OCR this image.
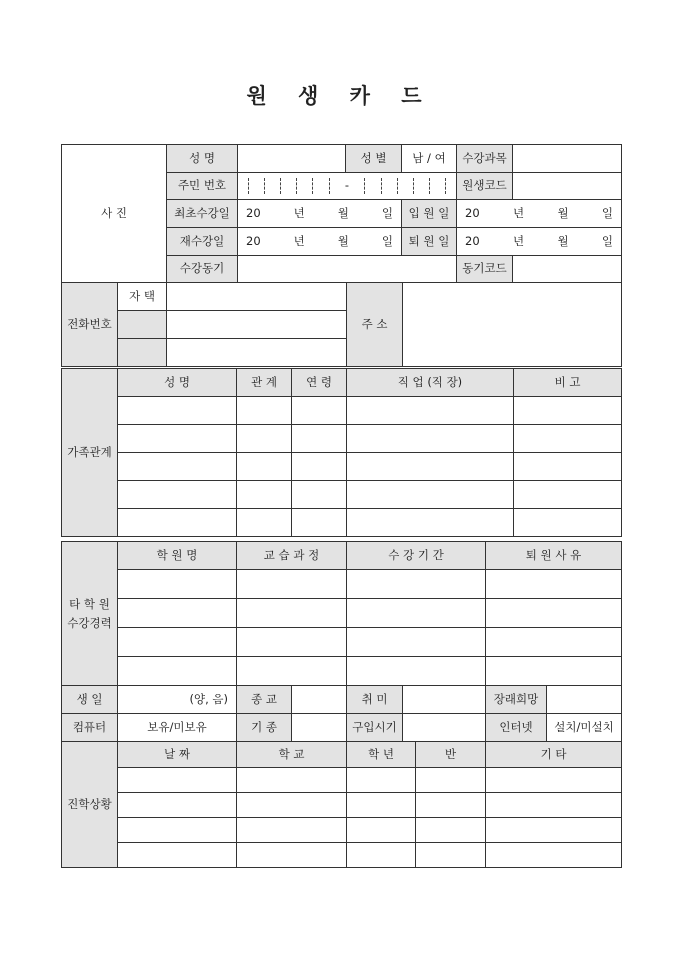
원 생 카 드
사 진	성 명		성 별	남 / 여	수강과목	
	주민 번호	-			원생코드	
	최초수강일	20 년 월 일		입 원 일	20 년 월 일	

	재수강일	20 년 월 일		퇴 원 일	20 년 월 일	

	수강동기				동기코드	
전화번호	자 택		주 소	

가족관계	성 명	관 계	연 령	직 업 (직 장)	비 고

타 학 원
수강경력	학 원 명	교 습 과 정	수 강 기 간	퇴 원 사 유

생 일	(양, 음)	종 교		취 미		장래희망	
컴퓨터	보유/미보유	기 종		구입시기		인터넷	설치/미설치
진학상황	날 짜	학 교	학 년	반	기 타
